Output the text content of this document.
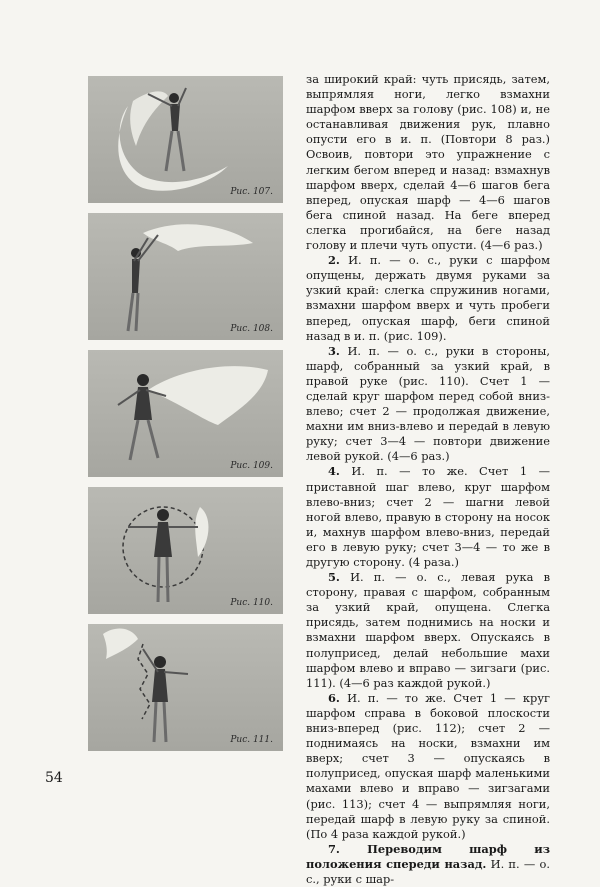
Рис. 107.
Рис. 108.
Рис. 109.
Рис. 110.
Рис. 111.

за широкий край: чуть присядь, затем, выпрямляя ноги, легко взмахни шарфом вверх за голову (рис. 108) и, не останавливая движения рук, плавно опусти его в и. п. (Повтори 8 раз.) Освоив, повтори это упражнение с легким бегом вперед и назад: взмахнув шарфом вверх, сделай 4—6 шагов бега вперед, опуская шарф — 4—6 шагов бега спиной назад. На беге вперед слегка прогибайся, на беге назад голову и плечи чуть опусти. (4—6 раз.)

2. И. п. — о. с., руки с шарфом опущены, держать двумя руками за узкий край: слегка спружинив ногами, взмахни шарфом вверх и чуть пробеги вперед, опуская шарф, беги спиной назад в и. п. (рис. 109).

3. И. п. — о. с., руки в стороны, шарф, собранный за узкий край, в правой руке (рис. 110). Счет 1 — сделай круг шарфом перед собой вниз-влево; счет 2 — продолжая движение, махни им вниз-влево и передай в левую руку; счет 3—4 — повтори движение левой рукой. (4—6 раз.)

4. И. п. — то же. Счет 1 — приставной шаг влево, круг шарфом влево-вниз; счет 2 — шагни левой ногой влево, правую в сторону на носок и, махнув шарфом влево-вниз, передай его в левую руку; счет 3—4 — то же в другую сторону. (4 раза.)

5. И. п. — о. с., левая рука в сторону, правая с шарфом, собранным за узкий край, опущена. Слегка присядь, затем поднимись на носки и взмахни шарфом вверх. Опускаясь в полуприсед, делай небольшие махи шарфом влево и вправо — зигзаги (рис. 111). (4—6 раз каждой рукой.)

6. И. п. — то же. Счет 1 — круг шарфом справа в боковой плоскости вниз-вперед (рис. 112); счет 2 — поднимаясь на носки, взмахни им вверх; счет 3 — опускаясь в полуприсед, опуская шарф маленькими махами влево и вправо — зигзагами (рис. 113); счет 4 — выпрямляя ноги, передай шарф в левую руку за спиной. (По 4 раза каждой рукой.)

7. Переводим шарф из положения спереди назад. И. п. — о. с., руки с шар-

54
